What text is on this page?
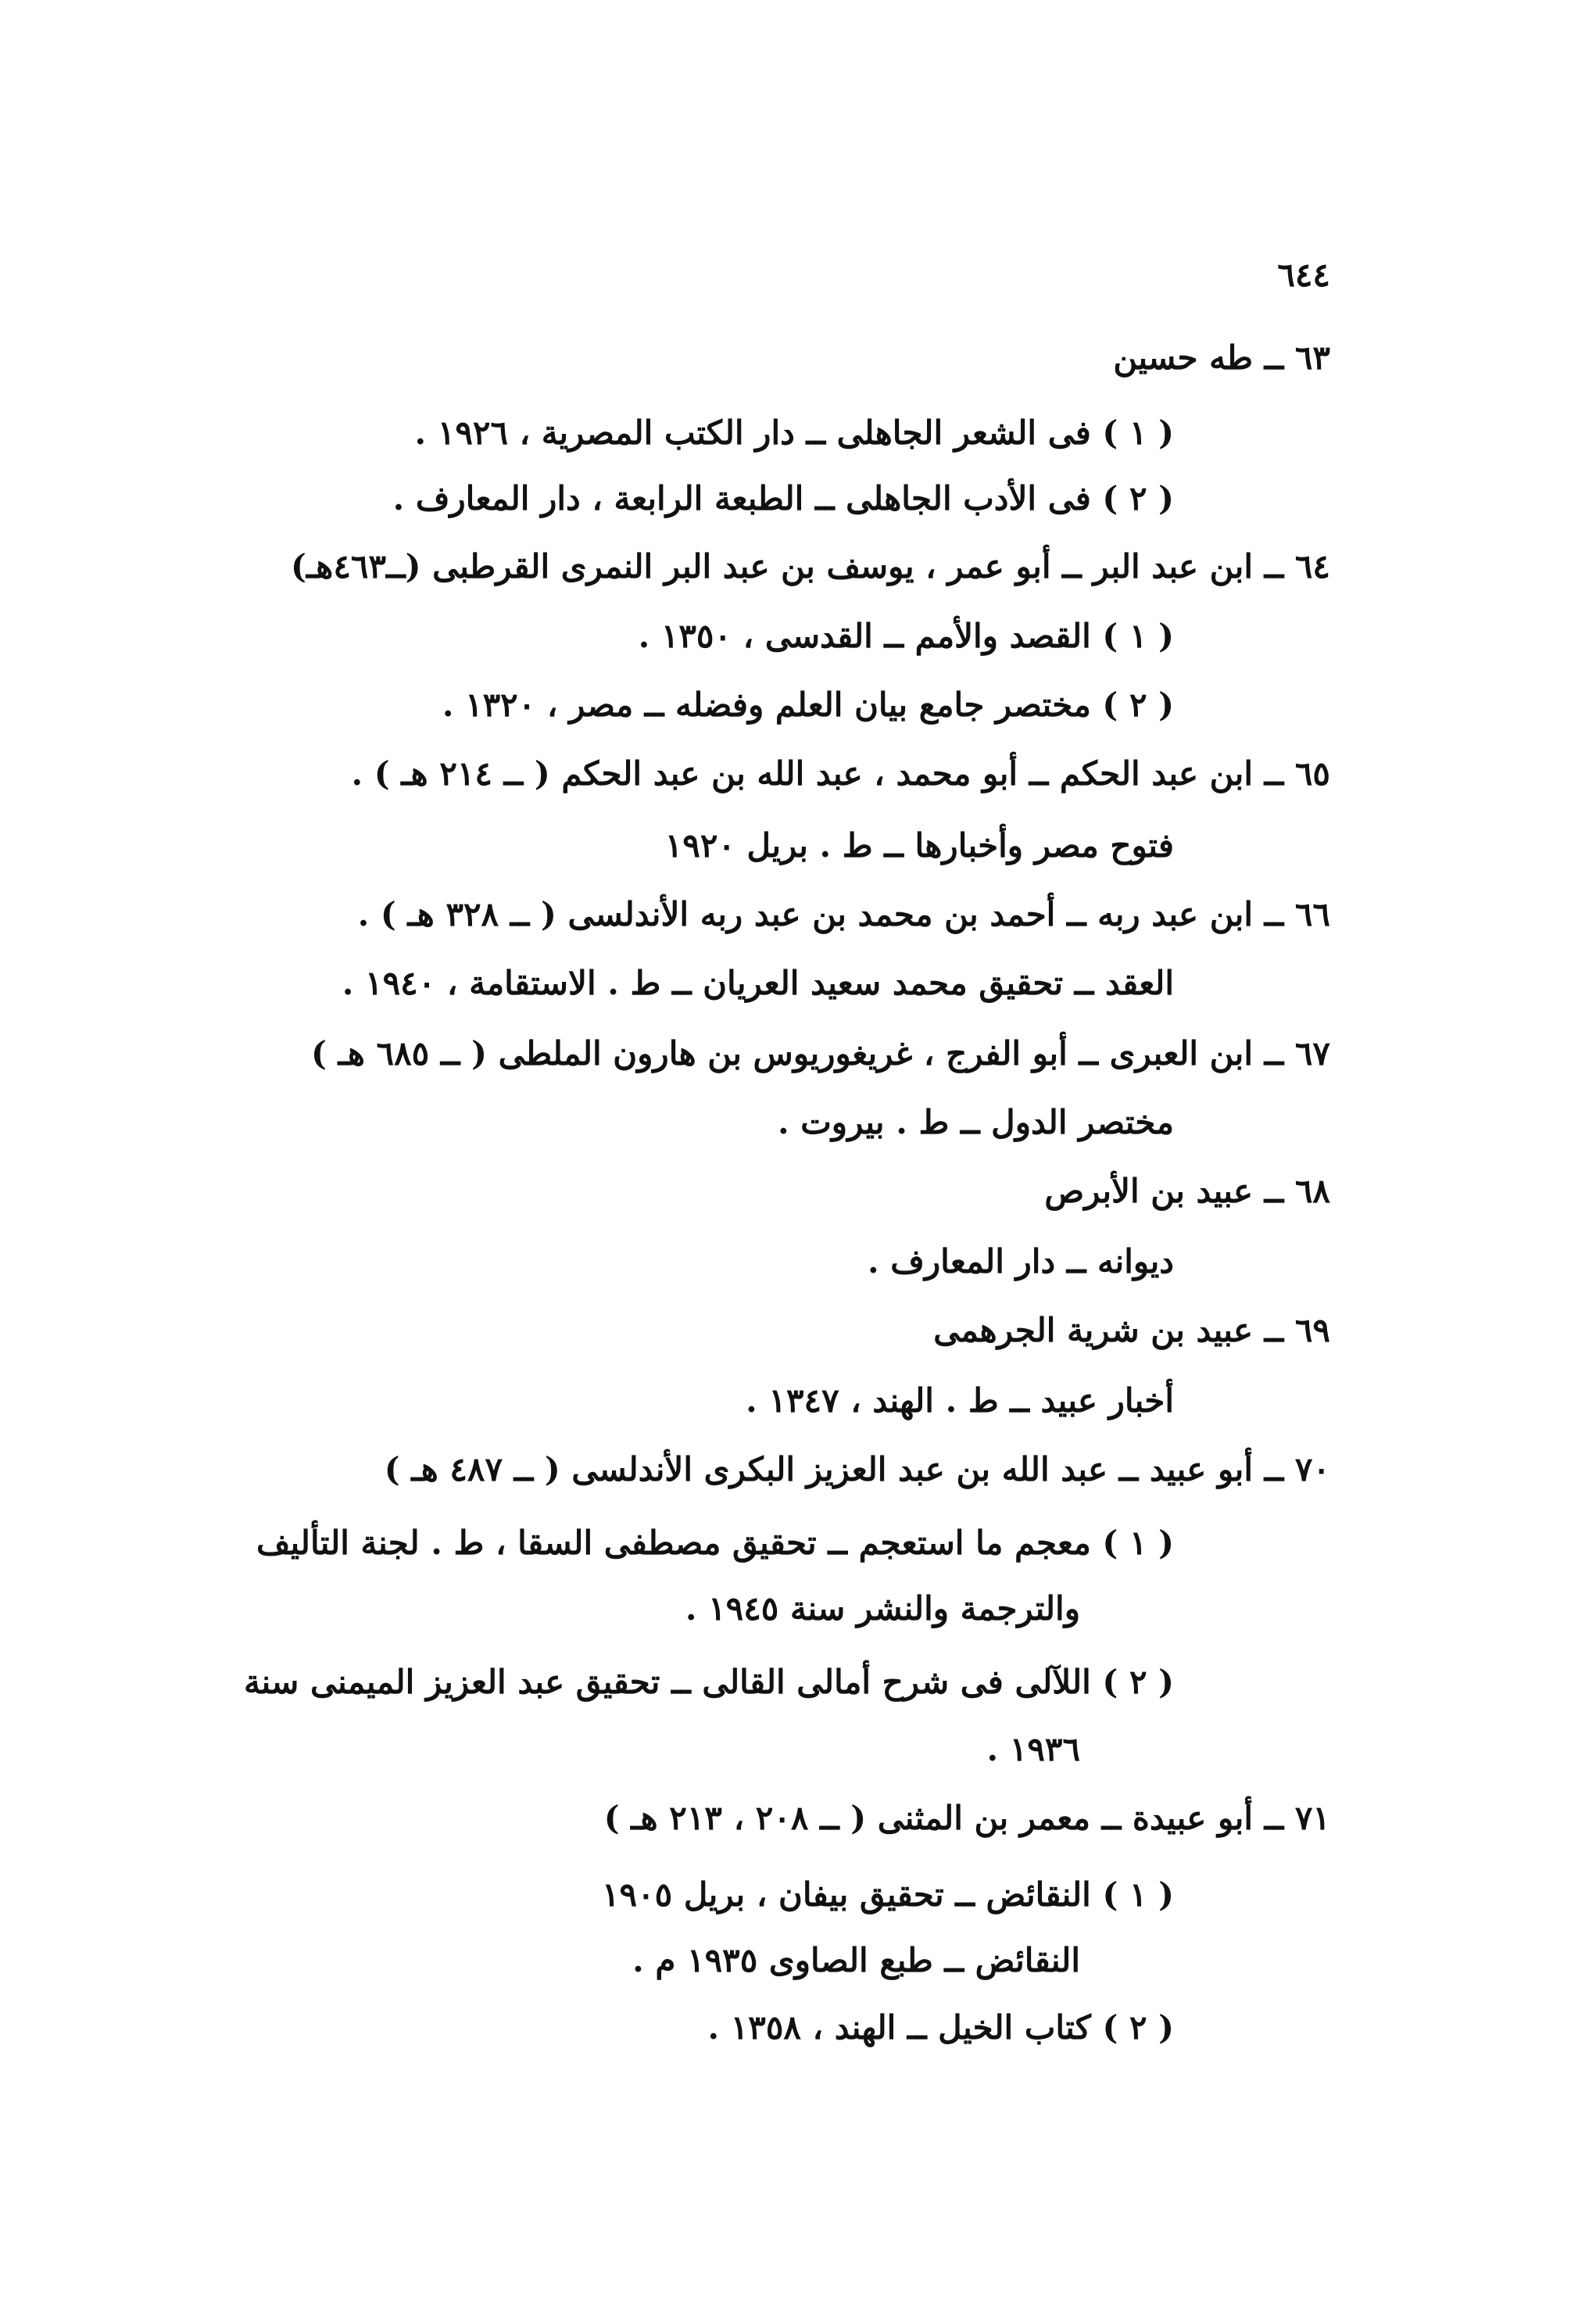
٦٤٤
٦٣ ــ طه حسين
( ١ ) فى الشعر الجاهلى ــ دار الكتب المصرية ، ١٩٢٦ .
( ٢ ) فى الأدب الجاهلى ــ الطبعة الرابعة ، دار المعارف .
٦٤ ــ ابن عبد البر ــ أبو عمر ، يوسف بن عبد البر النمرى القرطبى (ــ٤٦٣هـ)
( ١ ) القصد والأمم ــ القدسى ، ١٣٥٠ .
( ٢ ) مختصر جامع بيان العلم وفضله ــ مصر ، ١٣٢٠ .
٦٥ ــ ابن عبد الحكم ــ أبو محمد ، عبد الله بن عبد الحكم ( ــ ٢١٤ هـ ) .
فتوح مصر وأخبارها ــ ط . بريل ١٩٢٠
٦٦ ــ ابن عبد ربه ــ أحمد بن محمد بن عبد ربه الأندلسى ( ــ ٣٢٨ هـ ) .
العقد ــ تحقيق محمد سعيد العريان ــ ط . الاستقامة ، ١٩٤٠ .
٦٧ ــ ابن العبرى ــ أبو الفرج ، غريغوريوس بن هارون الملطى ( ــ ٦٨٥ هـ )
مختصر الدول ــ ط . بيروت .
٦٨ ــ عبيد بن الأبرص
ديوانه ــ دار المعارف .
٦٩ ــ عبيد بن شرية الجرهمى
أخبار عبيد ــ ط . الهند ، ١٣٤٧ .
٧٠ ــ أبو عبيد ــ عبد الله بن عبد العزيز البكرى الأندلسى ( ــ ٤٨٧ هـ )
( ١ ) معجم ما استعجم ــ تحقيق مصطفى السقا ، ط . لجنة التأليف
والترجمة والنشر سنة ١٩٤٥ .
( ٢ ) اللآلى فى شرح أمالى القالى ــ تحقيق عبد العزيز الميمنى سنة
١٩٣٦ .
٧١ ــ أبو عبيدة ــ معمر بن المثنى ( ــ ٢٠٨ ، ٢١٣ هـ )
( ١ ) النقائض ــ تحقيق بيفان ، بريل ١٩٠٥
النقائض ــ طبع الصاوى ١٩٣٥ م .
( ٢ ) كتاب الخيل ــ الهند ، ١٣٥٨ .
